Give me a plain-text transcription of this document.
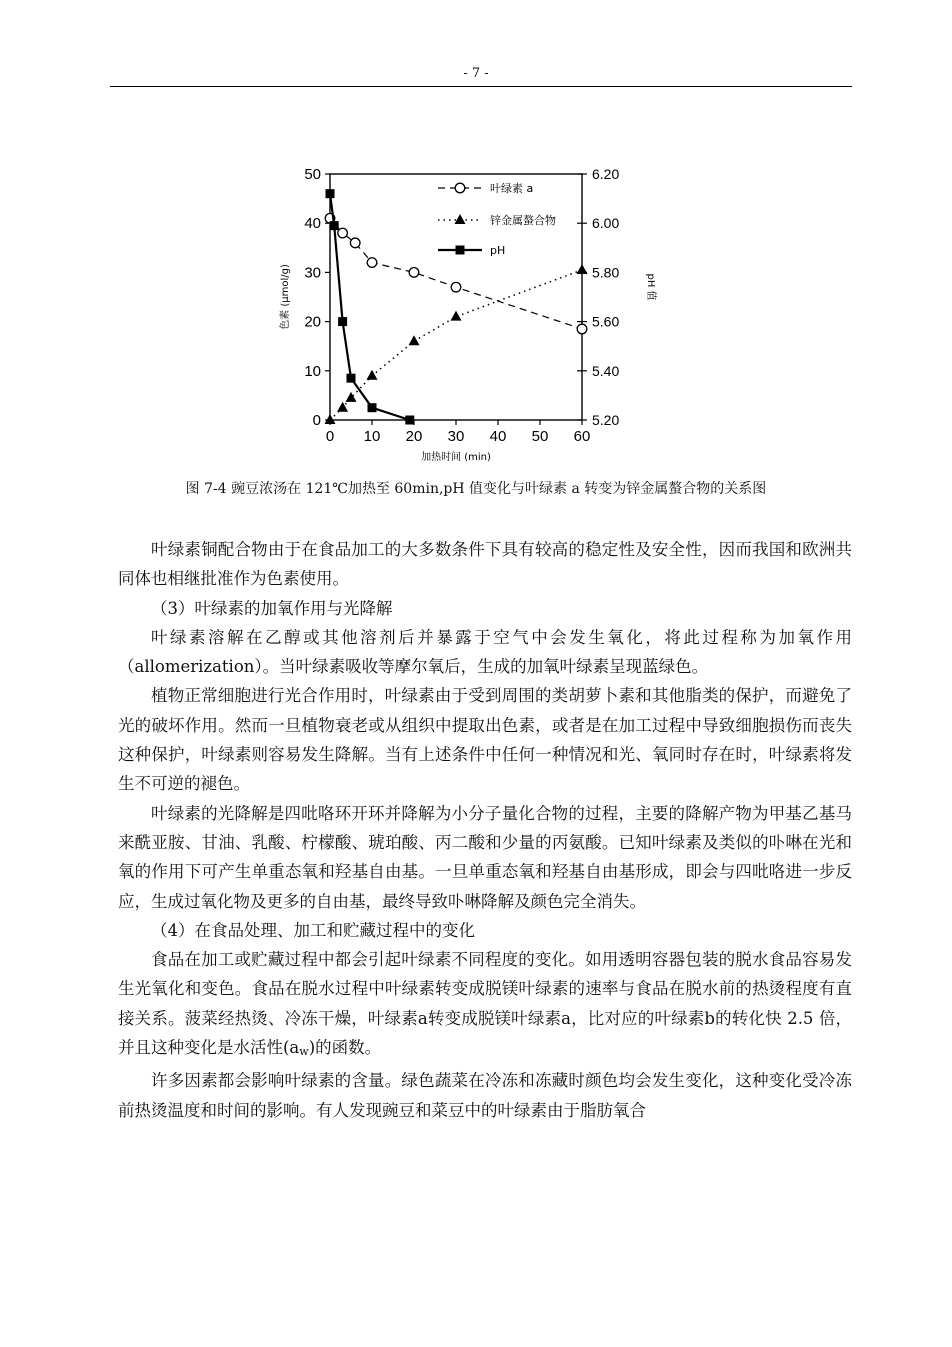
- 7 -
0 10 20 30 40 50 60
0
10
20
30
40
50
5.20
5.40
5.60
5.80
6.00
6.20
加热时间 (min)
色素 (μmol/g)	pH 值
叶绿素 a
锌金属螯合物
pH
图 7-4 豌豆浓汤在 121℃加热至 60min,pH 值变化与叶绿素 a 转变为锌金属螯合物的关系图

叶绿素铜配合物由于在食品加工的大多数条件下具有较高的稳定性及安全性，因而我国和欧洲共同体也相继批准作为色素使用。

（3）叶绿素的加氧作用与光降解

叶绿素溶解在乙醇或其他溶剂后并暴露于空气中会发生氧化，将此过程称为加氧作用（allomerization）。当叶绿素吸收等摩尔氧后，生成的加氧叶绿素呈现蓝绿色。

植物正常细胞进行光合作用时，叶绿素由于受到周围的类胡萝卜素和其他脂类的保护，而避免了光的破坏作用。然而一旦植物衰老或从组织中提取出色素，或者是在加工过程中导致细胞损伤而丧失这种保护，叶绿素则容易发生降解。当有上述条件中任何一种情况和光、氧同时存在时，叶绿素将发生不可逆的褪色。

叶绿素的光降解是四吡咯环开环并降解为小分子量化合物的过程，主要的降解产物为甲基乙基马来酰亚胺、甘油、乳酸、柠檬酸、琥珀酸、丙二酸和少量的丙氨酸。已知叶绿素及类似的卟啉在光和氧的作用下可产生单重态氧和羟基自由基。一旦单重态氧和羟基自由基形成，即会与四吡咯进一步反应，生成过氧化物及更多的自由基，最终导致卟啉降解及颜色完全消失。

（4）在食品处理、加工和贮藏过程中的变化

食品在加工或贮藏过程中都会引起叶绿素不同程度的变化。如用透明容器包装的脱水食品容易发生光氧化和变色。食品在脱水过程中叶绿素转变成脱镁叶绿素的速率与食品在脱水前的热烫程度有直接关系。菠菜经热烫、冷冻干燥，叶绿素a转变成脱镁叶绿素a，比对应的叶绿素b的转化快 2.5 倍，并且这种变化是水活性(aw)的函数。

许多因素都会影响叶绿素的含量。绿色蔬菜在冷冻和冻藏时颜色均会发生变化，这种变化受冷冻前热烫温度和时间的影响。有人发现豌豆和菜豆中的叶绿素由于脂肪氧合
